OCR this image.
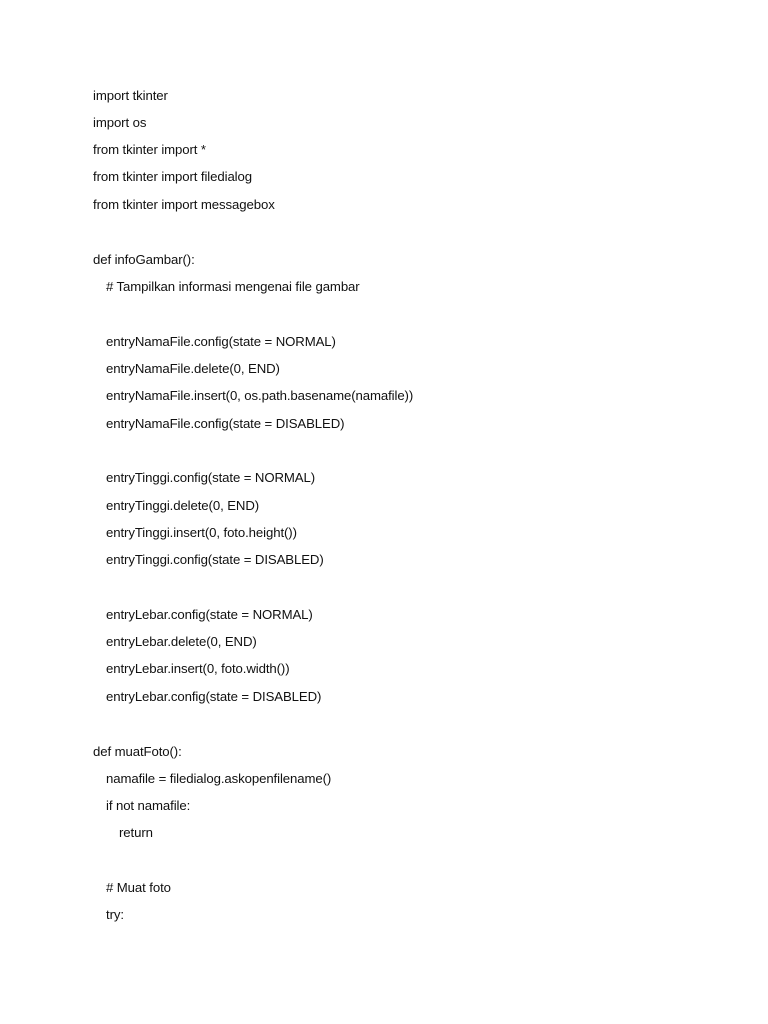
import tkinter
import os
from tkinter import *
from tkinter import filedialog
from tkinter import messagebox
def infoGambar():
# Tampilkan informasi mengenai file gambar
entryNamaFile.config(state = NORMAL)
entryNamaFile.delete(0, END)
entryNamaFile.insert(0, os.path.basename(namafile))
entryNamaFile.config(state = DISABLED)
entryTinggi.config(state = NORMAL)
entryTinggi.delete(0, END)
entryTinggi.insert(0, foto.height())
entryTinggi.config(state = DISABLED)
entryLebar.config(state = NORMAL)
entryLebar.delete(0, END)
entryLebar.insert(0, foto.width())
entryLebar.config(state = DISABLED)
def muatFoto():
namafile = filedialog.askopenfilename()
if not namafile:
return
# Muat foto
try:
